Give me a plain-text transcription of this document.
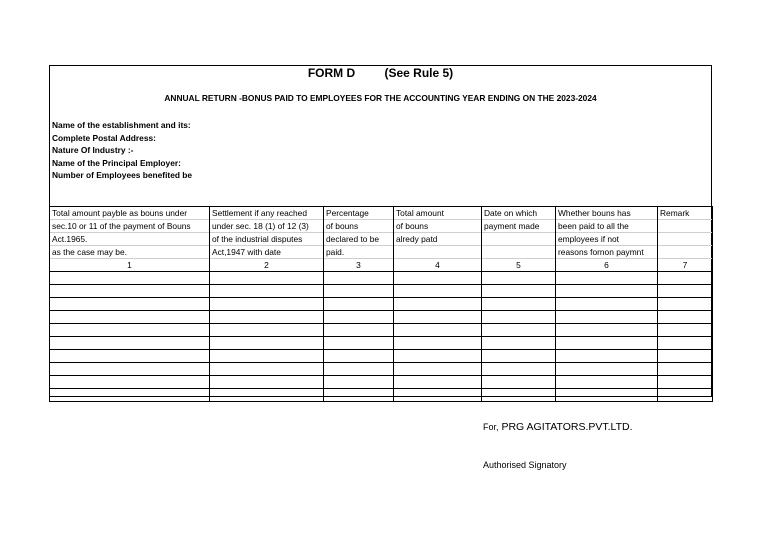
FORM D (See Rule 5)
ANNUAL RETURN -BONUS PAID TO EMPLOYEES FOR THE ACCOUNTING YEAR ENDING ON THE 2023-2024
Name of the establishment and its:
Complete Postal Address:
Nature Of Industry :-
Name of the Principal Employer:
Number of Employees benefited be
Total amount payble as bouns under	Settlement if any reached	Percentage	Total amount	Date on which	Whether bouns has	Remark
sec.10 or 11 of the payment of Bouns	under sec. 18 (1) of 12 (3)	of bouns	of bouns	payment made	been paid to all the	
Act.1965.	of the industrial disputes	declared to be	alredy patd		employees if not	
as the case may be.	Act,1947 with date	paid.			reasons fornon paymnt	
1	2	3	4	5	6	7

For, PRG AGITATORS.PVT.LTD.
Authorised Signatory
